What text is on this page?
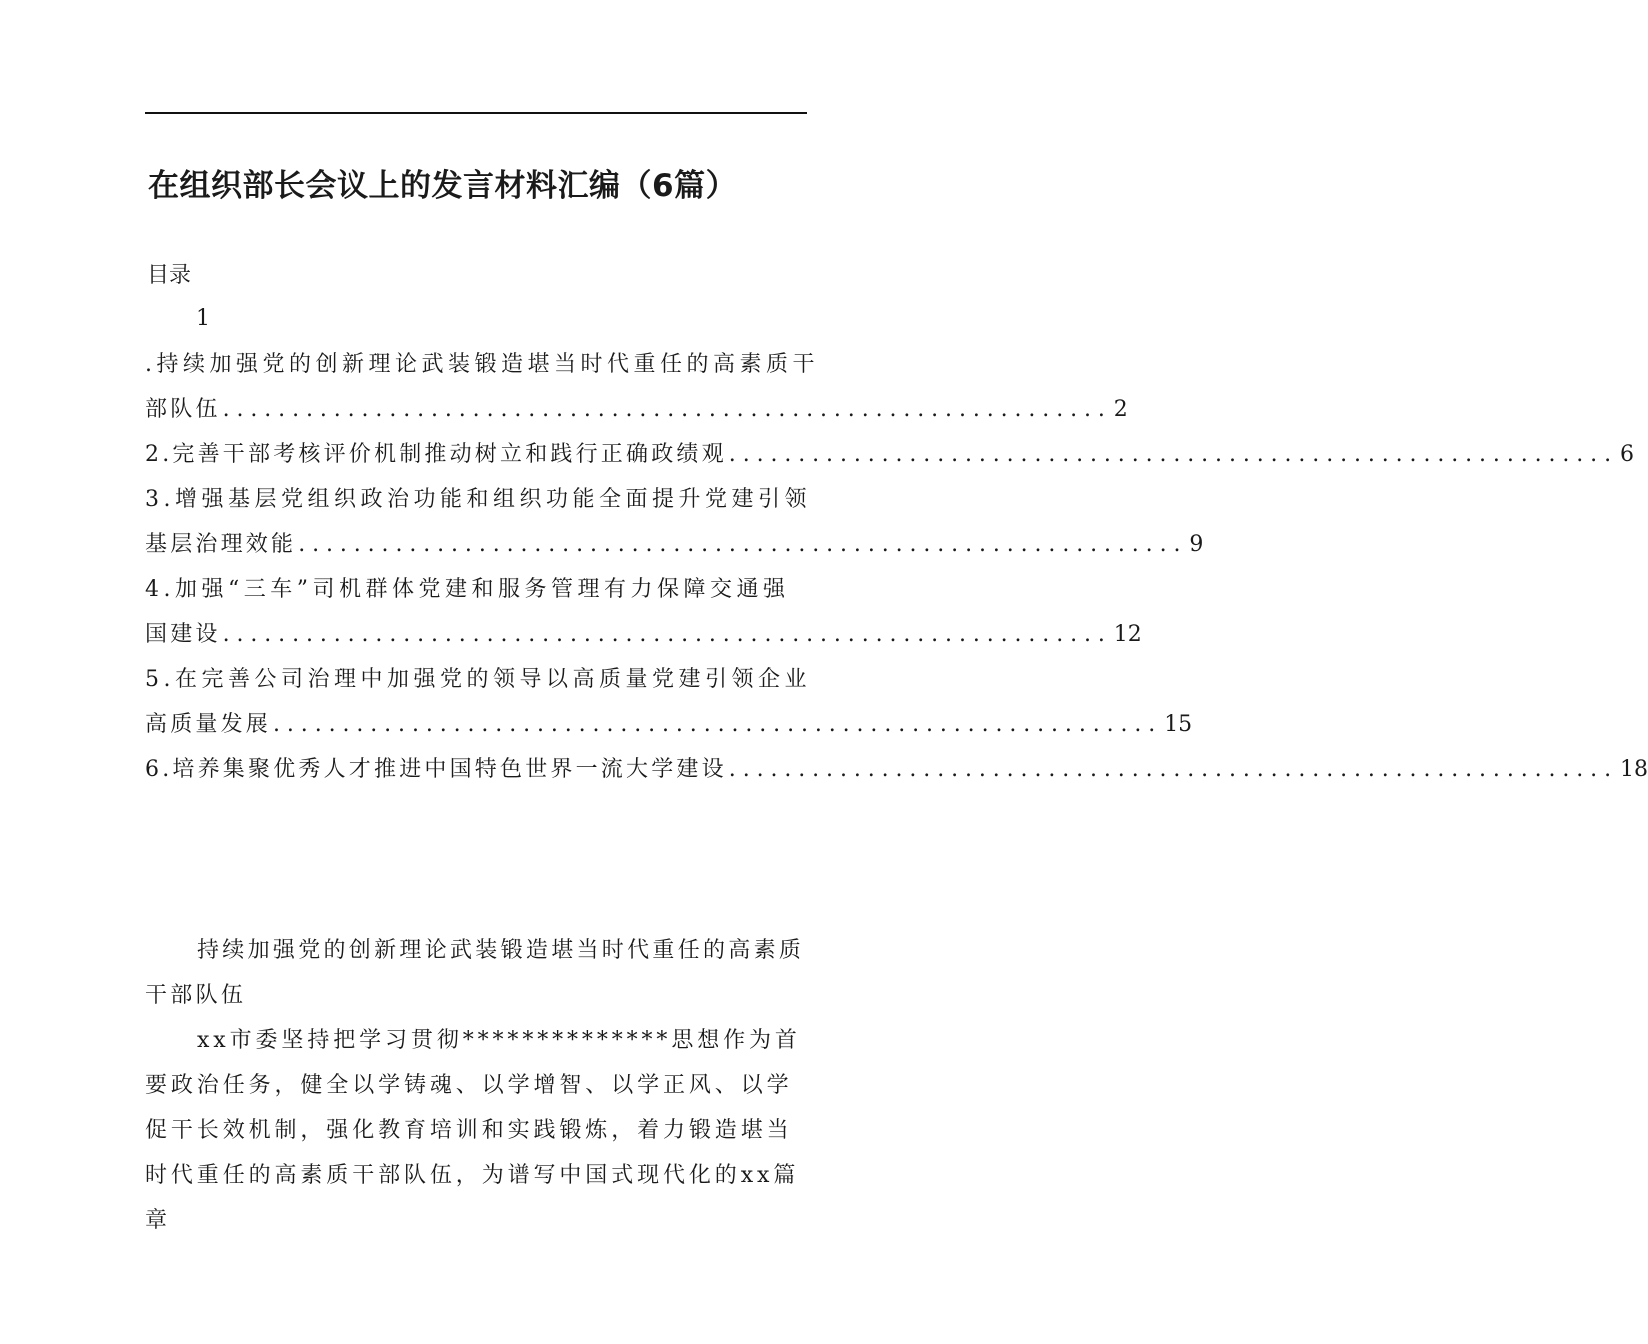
在组织部长会议上的发言材料汇编（6篇）
目录
1
.持续加强党的创新理论武装锻造堪当时代重任的高素质干
部队伍 ................................................................ 2
2.完善干部考核评价机制推动树立和践行正确政绩观 ................................................................ 6
3.增强基层党组织政治功能和组织功能全面提升党建引领
基层治理效能 ................................................................ 9
4.加强“三车”司机群体党建和服务管理有力保障交通强
国建设 ................................................................ 12
5.在完善公司治理中加强党的领导以高质量党建引领企业
高质量发展 ................................................................ 15
6.培养集聚优秀人才推进中国特色世界一流大学建设 ................................................................ 18

持续加强党的创新理论武装锻造堪当时代重任的高素质干部队伍

xx市委坚持把学习贯彻**************思想作为首要政治任务，健全以学铸魂、以学增智、以学正风、以学促干长效机制，强化教育培训和实践锻炼，着力锻造堪当时代重任的高素质干部队伍，为谱写中国式现代化的xx篇章
